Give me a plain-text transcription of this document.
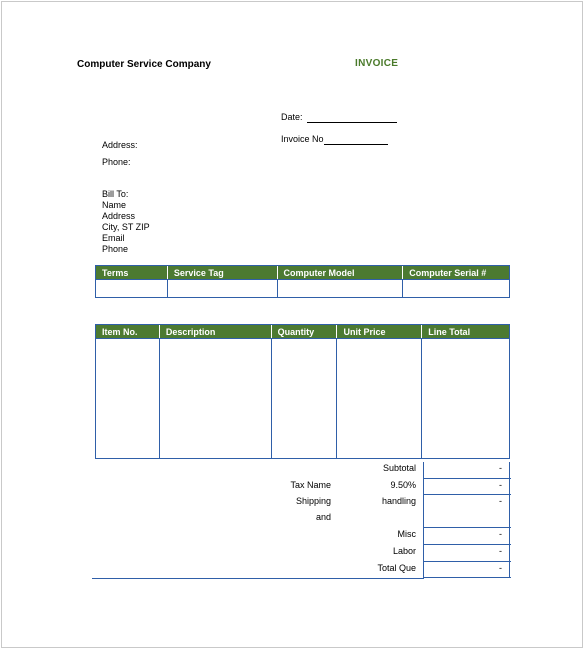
Computer Service Company	INVOICE
Date:
Invoice No
Address:
Phone:
Bill To:
Name
Address
City, ST ZIP
Email
Phone
Terms	Service Tag	Computer Model	Computer Serial #

Item No.	Description	Quantity	Unit Price	Line Total

Subtotal	-
Tax Name	9.50%	-
Shipping	handling	-
and
Misc	-
Labor	-
Total Que	-
